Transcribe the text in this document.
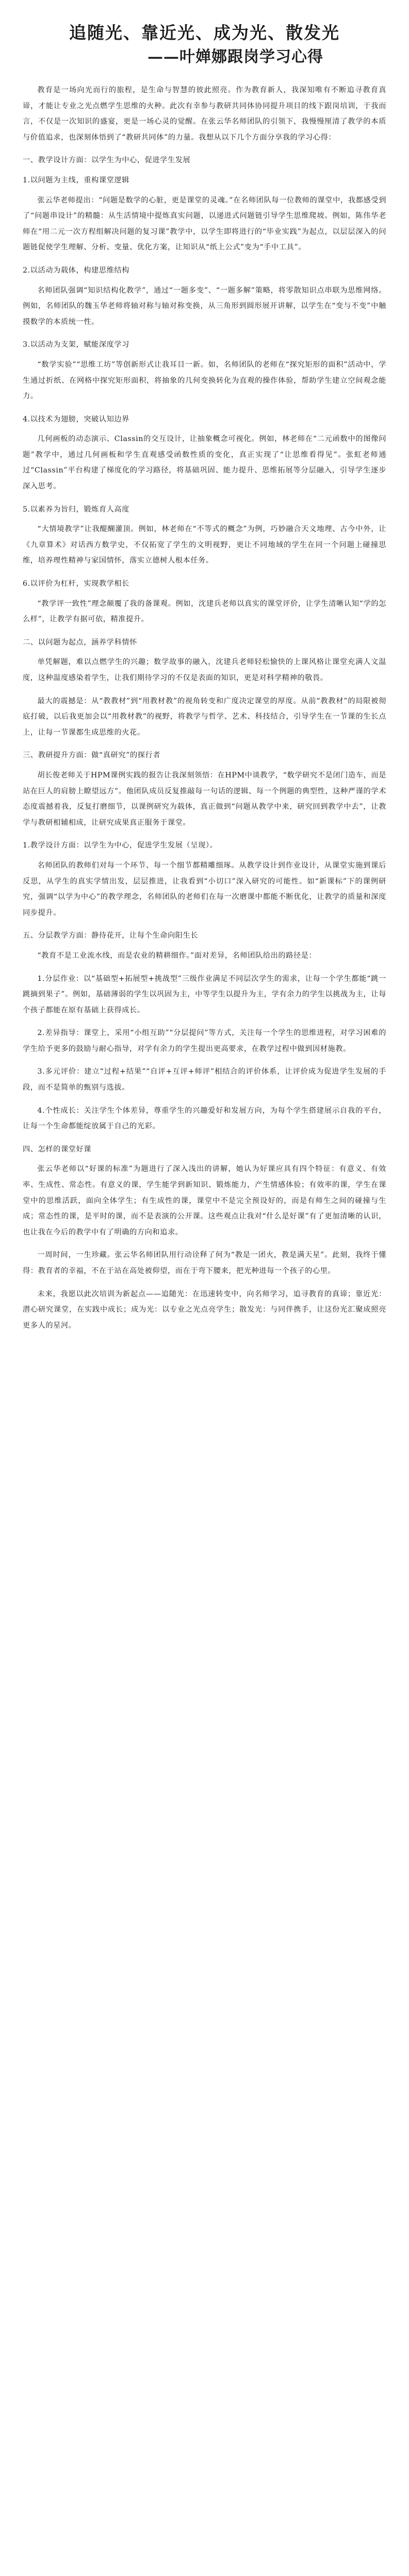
追随光、靠近光、成为光、散发光
——叶婵娜跟岗学习心得

教育是一场向光而行的旅程，是生命与智慧的彼此照亮。作为教育新人，我深知唯有不断追寻教育真谛，才能让专业之光点燃学生思维的火种。此次有幸参与教研共同体协同提升项目的线下跟岗培训，于我而言，不仅是一次知识的盛宴，更是一场心灵的觉醒。在张云华名师团队的引领下，我慢慢厘清了教学的本质与价值追求，也深刻体悟到了“教研共同体”的力量。我想从以下几个方面分享我的学习心得：

一、教学设计方面：以学生为中心，促进学生发展

1.以问题为主线，重构课堂逻辑

张云华老师提出：“问题是数学的心脏，更是课堂的灵魂。”在名师团队每一位教师的课堂中，我都感受到了“问题串设计”的精髓：从生活情境中提炼真实问题，以递进式问题链引导学生思维爬坡。例如，陈伟华老师在“用二元一次方程组解决问题的复习课”教学中，以学生即将进行的“毕业实践”为起点，以层层深入的问题链促使学生理解、分析、变量、优化方案，让知识从“纸上公式”变为“手中工具”。

2.以活动为载体，构建思维结构

名师团队强调“知识结构化教学”，通过“一题多变”、“一题多解”策略，将零散知识点串联为思维网络。例如，名师团队的魏玉华老师将轴对称与轴对称变换，从三角形到圆形展开讲解，以学生在“变与不变”中触摸数学的本质统一性。

3.以活动为支架，赋能深度学习

“数学实验”“思维工坊”等创新形式让我耳目一新。如，名师团队的老师在“探究矩形的面积”活动中，学生通过折纸、在网格中探究矩形面积，将抽象的几何变换转化为直观的操作体验，帮助学生建立空间观念能力。

4.以技术为翅膀，突破认知边界

几何画板的动态演示、Classin的交互设计，让抽象概念可视化。例如，林老师在“二元函数中的图像问题”教学中，通过几何画板和学生直观感受函数性质的变化，真正实现了“让思维看得见”。张虹老师通过“Classin”平台构建了梯度化的学习路径，将基础巩固、能力提升、思维拓展等分层融入，引导学生逐步深入思考。

5.以素养为旨归，锻炼育人高度

“大情境教学”让我醍醐灌顶。例如，林老师在“不等式的概念”为例，巧妙融合天文地理、古今中外，让《九章算术》对话西方数学史，不仅拓宽了学生的文明视野，更让不同地域的学生在同一个问题上碰撞思维，培养理性精神与家国情怀，落实立德树人根本任务。

6.以评价为杠杆，实现教学相长

“教学评一致性”理念颠覆了我的备课观。例如，沈建兵老师以真实的课堂评价，让学生清晰认知“学的怎么样”，让教学有据可依，精准提升。

二、以问题为起点，涵养学科情怀

单凭解题，难以点燃学生的兴趣；数学故事的融入，沈建兵老师轻松愉快的上课风格让课堂充满人文温度，这种温度感染着学生，让我们期待学习的不仅是表面的知识，更是对科学精神的敬畏。

最大的震撼是：从“教教材”到“用教材教”的视角转变和广度决定课堂的厚度。从前“教教材”的局限被彻底打破，以后我更加会以“用教材教”的视野，将教学与哲学、艺术、科技结合，引导学生在一节课的生长点上，让每一节课都生成思维的火花。

三、教研提升方面：做“真研究”的探行者

胡长俊老师关于HPM课例实践的报告让我深刻领悟：在HPM中谈教学，“数学研究不是闭门造车，而是站在巨人的肩膀上瞭望远方”。他团队成员反复推敲每一句话的逻辑、每一个例题的典型性，这种严谨的学术态度震撼着我，反复打磨细节，以课例研究为载体，真正做到“问题从教学中来，研究回到教学中去”，让教学与教研相辅相成，让研究成果真正服务于课堂。

1.教学设计方面：以学生为中心，促进学生发展（呈现）。

名师团队的教师们对每一个环节、每一个细节都精雕细琢。从教学设计到作业设计，从课堂实施到课后反思，从学生的真实学情出发，层层推进，让我看到“小切口”深入研究的可能性。如“新课标”下的课例研究，强调“以学为中心”的教学理念，名师团队的老师们在每一次磨课中都能不断优化，让教学的质量和深度同步提升。

五、分层教学方面：静待花开，让每个生命向阳生长

“教育不是工业流水线，而是农业的精耕细作。”面对差异，名师团队给出的路径是：

1.分层作业：以“基础型+拓展型+挑战型”三级作业满足不同层次学生的需求，让每一个学生都能“跳一跳摘到果子”。例如，基础薄弱的学生以巩固为主，中等学生以提升为主，学有余力的学生以挑战为主，让每个孩子都能在原有基础上获得成长。

2.差异指导：课堂上，采用“小组互助”“分层提问”等方式，关注每一个学生的思维进程，对学习困难的学生给予更多的鼓励与耐心指导，对学有余力的学生提出更高要求，在教学过程中做到因材施教。

3.多元评价：建立“过程+结果”“自评+互评+师评”相结合的评价体系，让评价成为促进学生发展的手段，而不是简单的甄别与选拔。

4.个性成长：关注学生个体差异，尊重学生的兴趣爱好和发展方向，为每个学生搭建展示自我的平台，让每一个生命都能绽放属于自己的光彩。

四、怎样的课堂好课

张云华老师以“好课的标准”为题进行了深入浅出的讲解，她认为好课应具有四个特征：有意义、有效率、生成性、常态性。有意义的课，学生能学到新知识、锻炼能力，产生情感体验；有效率的课，学生在课堂中的思维活跃，面向全体学生；有生成性的课，课堂中不是完全预设好的，而是有师生之间的碰撞与生成；常态性的课，是平时的课，而不是表演的公开课。这些观点让我对“什么是好课”有了更加清晰的认识，也让我在今后的教学中有了明确的方向和追求。

一周时间，一生珍藏。张云华名师团队用行动诠释了何为“教是一团火，教是满天星”。此刻，我终于懂得：教育者的幸福，不在于站在高处被仰望，而在于弯下腰来，把光种进每一个孩子的心里。

未来，我愿以此次培训为新起点——追随光：在迅速转变中，向名师学习，追寻教育的真谛；靠近光：潜心研究课堂，在实践中成长；成为光：以专业之光点亮学生；散发光：与同伴携手，让这份光汇聚成照亮更多人的星河。
